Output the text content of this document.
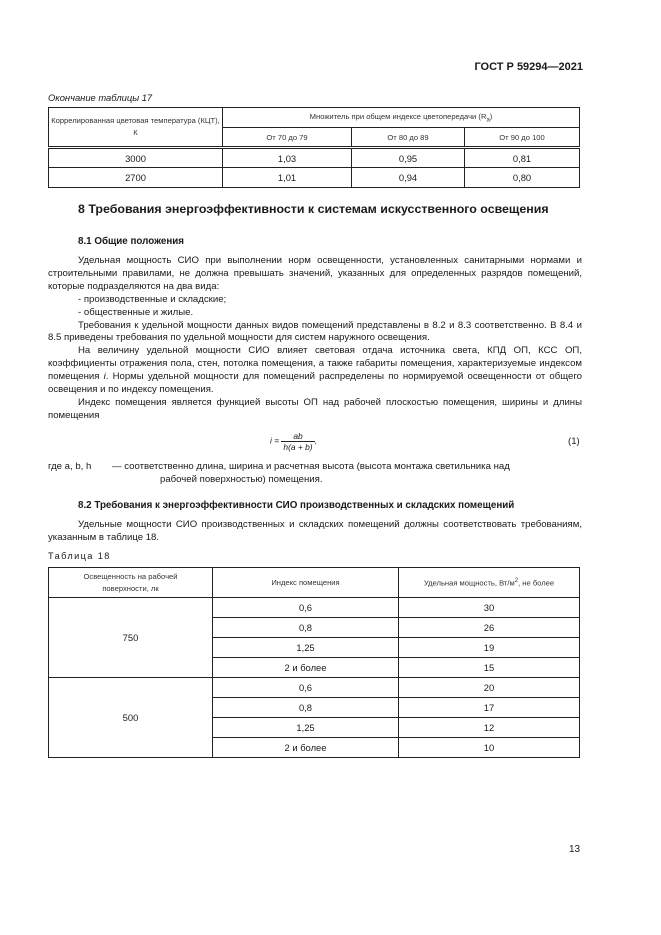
ГОСТ Р 59294—2021
Окончание таблицы 17
Коррелированная цветовая температура (КЦТ), К	Множитель при общем индексе цветопередачи $(R_a)$		
	От 70 до 79	От 80 до 89	От 90 до 100
3000	1,03	0,95	0,81
2700	1,01	0,94	0,80
8 Требования энергоэффективности к системам искусственного освещения
8.1 Общие положения
Удельная мощность СИО при выполнении норм освещенности, установленных санитарными нормами и строительными правилами, не должна превышать значений, указанных для определенных разрядов помещений, которые подразделяются на два вида:
- производственные и складские;
- общественные и жилые.
Требования к удельной мощности данных видов помещений представлены в 8.2 и 8.3 соответственно. В 8.4 и 8.5 приведены требования по удельной мощности для систем наружного освещения.
На величину удельной мощности СИО влияет световая отдача источника света, КПД ОП, КСС ОП, коэффициенты отражения пола, стен, потолка помещения, а также габариты помещения, характеризуемые индексом помещения i. Нормы удельной мощности для помещений распределены по нормируемой освещенности от общего освещения и по индексу помещения.
Индекс помещения является функцией высоты ОП над рабочей плоскостью помещения, ширины и длины помещения
$i = \frac{ab}{h(a + b)}$ ,	(1)
где a, b, h	— соответственно длина, ширина и расчетная высота (высота монтажа светильника над
рабочей поверхностью) помещения.
8.2 Требования к энергоэффективности СИО производственных и складских помещений
Удельные мощности СИО производственных и складских помещений должны соответствовать требованиям, указанным в таблице 18.
Таблица 18
Освещенность на рабочей поверхности, лк	Индекс помещения	Удельная мощность, $Вт/м^2$, не более
750	0,6	30
	0,8	26
	1,25	19
	2 и более	15
500	0,6	20
	0,8	17
	1,25	12
	2 и более	10
13
